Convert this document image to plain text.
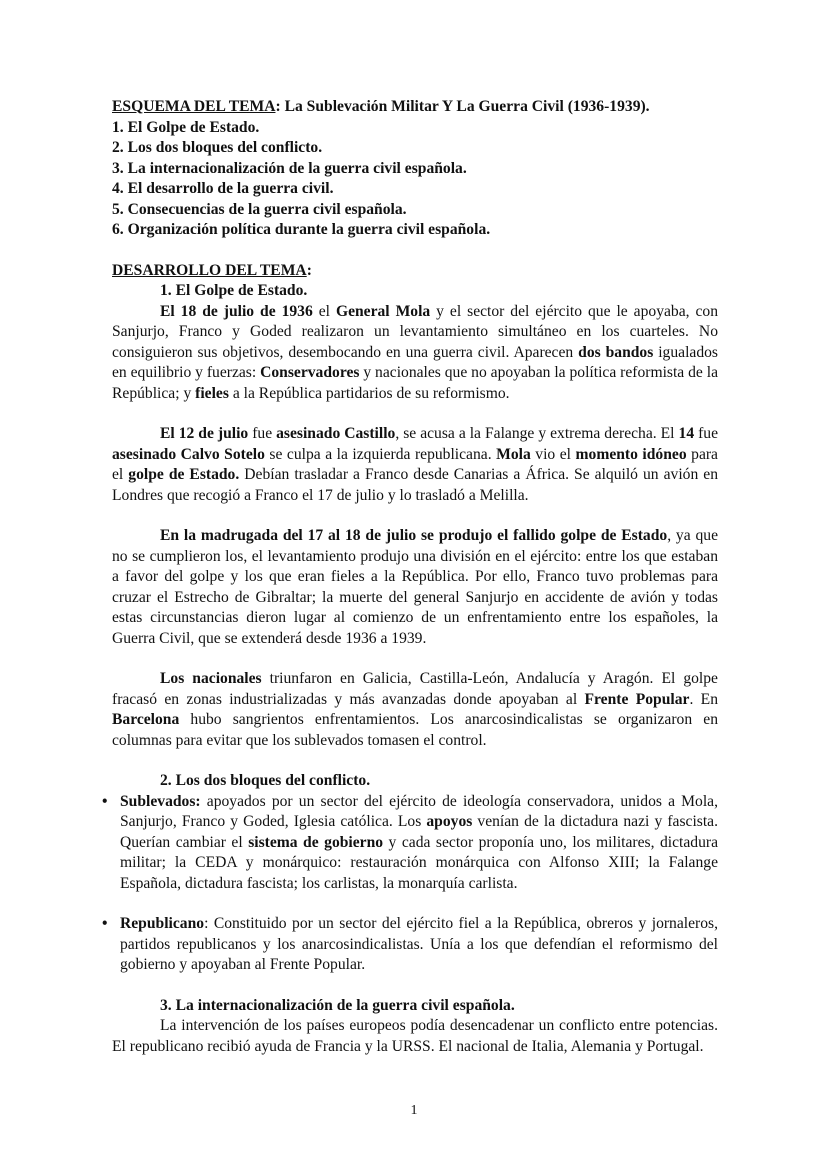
ESQUEMA DEL TEMA: La Sublevación Militar Y La Guerra Civil (1936-1939).
1. El Golpe de Estado.
2. Los dos bloques del conflicto.
3. La internacionalización de la guerra civil española.
4. El desarrollo de la guerra civil.
5. Consecuencias de la guerra civil española.
6. Organización política durante la guerra civil española.
DESARROLLO DEL TEMA:
1. El Golpe de Estado.

El 18 de julio de 1936 el General Mola y el sector del ejército que le apoyaba, con Sanjurjo, Franco y Goded realizaron un levantamiento simultáneo en los cuarteles. No consiguieron sus objetivos, desembocando en una guerra civil. Aparecen dos bandos igualados en equilibrio y fuerzas: Conservadores y nacionales que no apoyaban la política reformista de la República; y fieles a la República partidarios de su reformismo.

El 12 de julio fue asesinado Castillo, se acusa a la Falange y extrema derecha. El 14 fue asesinado Calvo Sotelo se culpa a la izquierda republicana. Mola vio el momento idóneo para el golpe de Estado. Debían trasladar a Franco desde Canarias a África. Se alquiló un avión en Londres que recogió a Franco el 17 de julio y lo trasladó a Melilla.

En la madrugada del 17 al 18 de julio se produjo el fallido golpe de Estado, ya que no se cumplieron los, el levantamiento produjo una división en el ejército: entre los que estaban a favor del golpe y los que eran fieles a la República. Por ello, Franco tuvo problemas para cruzar el Estrecho de Gibraltar; la muerte del general Sanjurjo en accidente de avión y todas estas circunstancias dieron lugar al comienzo de un enfrentamiento entre los españoles, la Guerra Civil, que se extenderá desde 1936 a 1939.

Los nacionales triunfaron en Galicia, Castilla-León, Andalucía y Aragón. El golpe fracasó en zonas industrializadas y más avanzadas donde apoyaban al Frente Popular. En Barcelona hubo sangrientos enfrentamientos. Los anarcosindicalistas se organizaron en columnas para evitar que los sublevados tomasen el control.

2. Los dos bloques del conflicto.
• Sublevados: apoyados por un sector del ejército de ideología conservadora, unidos a Mola, Sanjurjo, Franco y Goded, Iglesia católica. Los apoyos venían de la dictadura nazi y fascista. Querían cambiar el sistema de gobierno y cada sector proponía uno, los militares, dictadura militar; la CEDA y monárquico: restauración monárquica con Alfonso XIII; la Falange Española, dictadura fascista; los carlistas, la monarquía carlista.
• Republicano: Constituido por un sector del ejército fiel a la República, obreros y jornaleros, partidos republicanos y los anarcosindicalistas. Unía a los que defendían el reformismo del gobierno y apoyaban al Frente Popular.
3. La internacionalización de la guerra civil española.

La intervención de los países europeos podía desencadenar un conflicto entre potencias. El republicano recibió ayuda de Francia y la URSS. El nacional de Italia, Alemania y Portugal.

1
